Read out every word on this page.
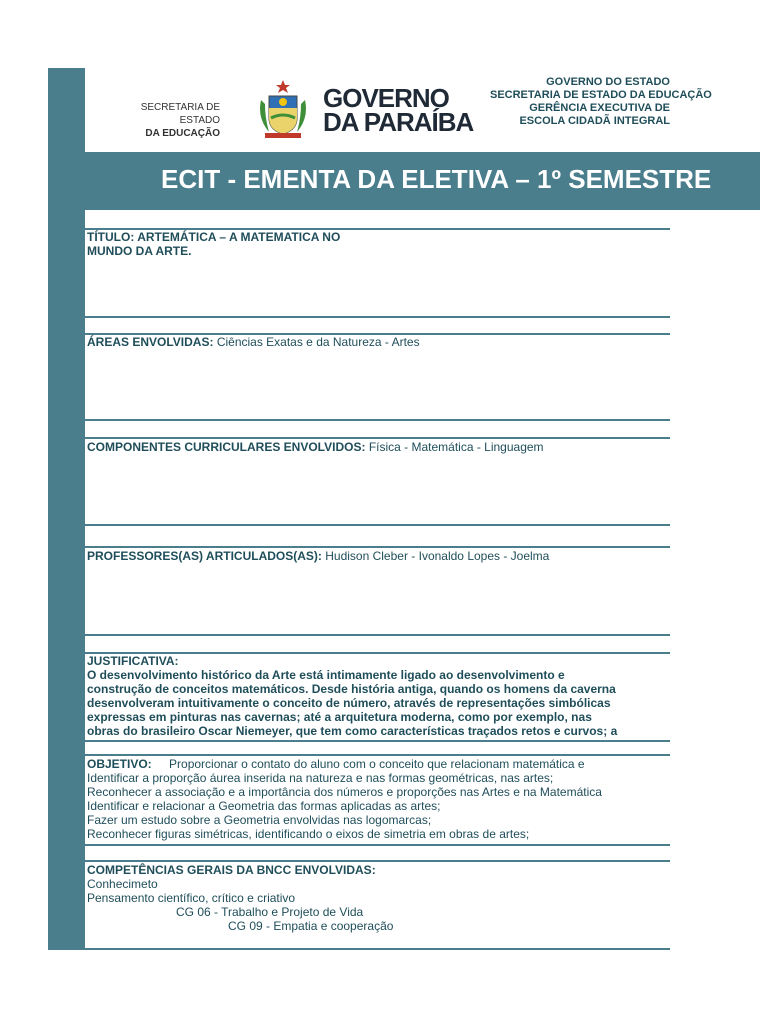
SECRETARIA DE ESTADO
DA EDUCAÇÃO
GOVERNO
DA PARAÍBA
GOVERNO DO ESTADO
SECRETARIA DE ESTADO DA EDUCAÇÃO
GERÊNCIA EXECUTIVA DE
ESCOLA CIDADÃ INTEGRAL
ECIT - EMENTA DA ELETIVA – 1º SEMESTRE
TÍTULO: ARTEMÁTICA – A MATEMATICA NO
MUNDO DA ARTE.
ÁREAS ENVOLVIDAS: Ciências Exatas e da Natureza - Artes
COMPONENTES CURRICULARES ENVOLVIDOS: Física - Matemática - Linguagem
PROFESSORES(AS) ARTICULADOS(AS): Hudison Cleber - Ivonaldo Lopes - Joelma
JUSTIFICATIVA:
O desenvolvimento histórico da Arte está intimamente ligado ao desenvolvimento e
construção de conceitos matemáticos. Desde história antiga, quando os homens da caverna
desenvolveram intuitivamente o conceito de número, através de representações simbólicas
expressas em pinturas nas cavernas; até a arquitetura moderna, como por exemplo, nas
obras do brasileiro Oscar Niemeyer, que tem como características traçados retos e curvos; a
OBJETIVO: Proporcionar o contato do aluno com o conceito que relacionam matemática e
Identificar a proporção áurea inserida na natureza e nas formas geométricas, nas artes;
Reconhecer a associação e a importância dos números e proporções nas Artes e na Matemática
Identificar e relacionar a Geometria das formas aplicadas as artes;
Fazer um estudo sobre a Geometria envolvidas nas logomarcas;
Reconhecer figuras simétricas, identificando o eixos de simetria em obras de artes;
COMPETÊNCIAS GERAIS DA BNCC ENVOLVIDAS:
Conhecimeto
Pensamento científico, crítico e criativo
CG 06 - Trabalho e Projeto de Vida
CG 09 - Empatia e cooperação
